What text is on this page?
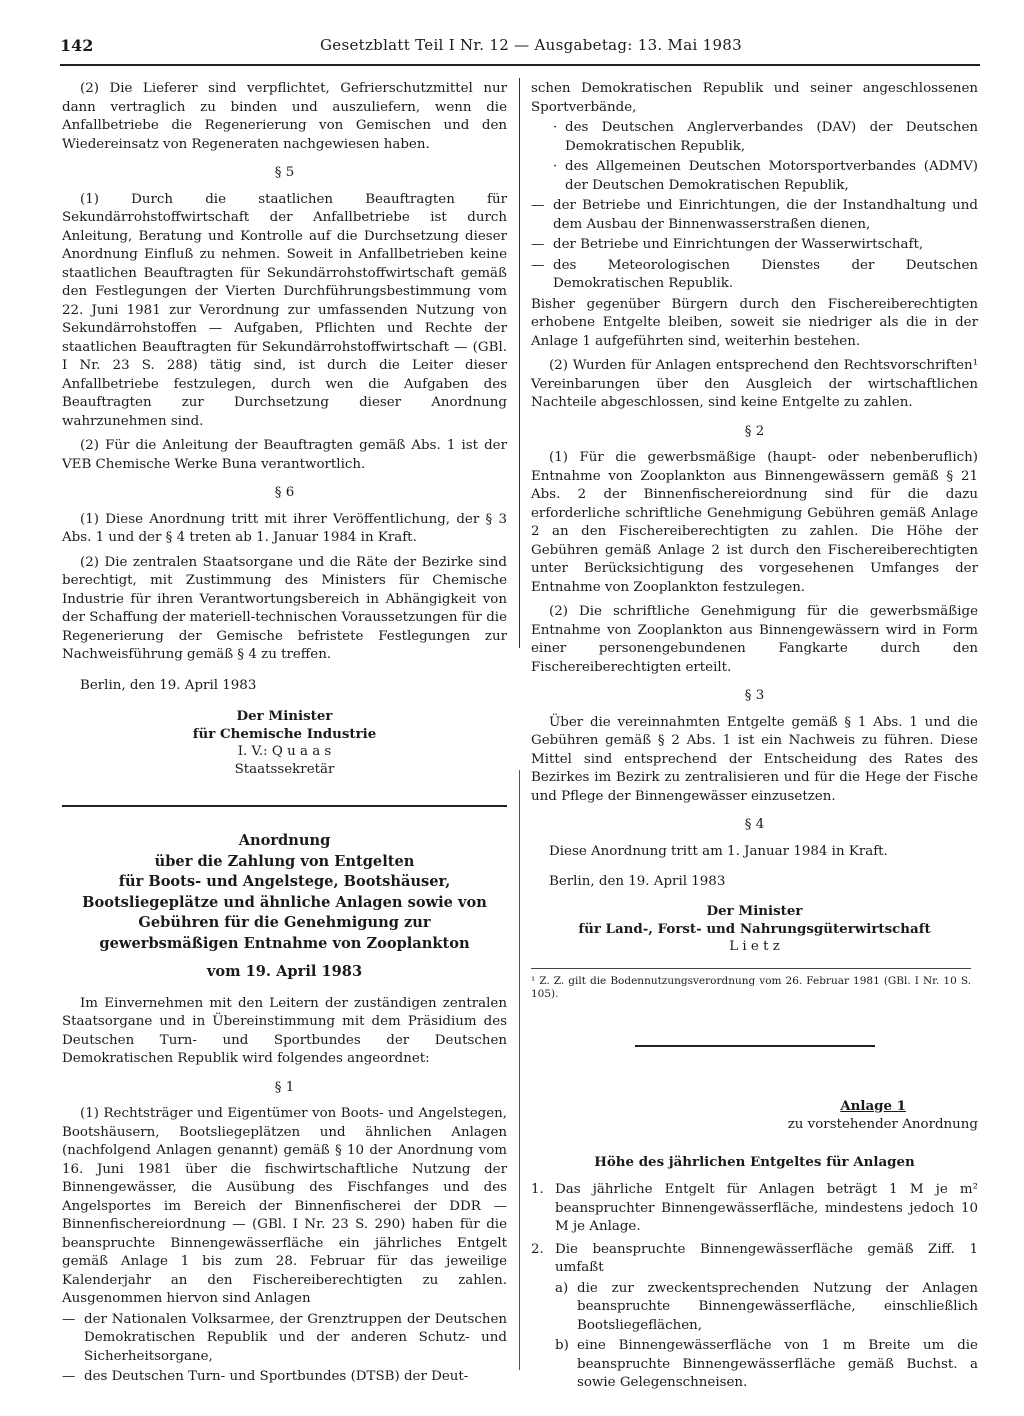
142	Gesetzblatt Teil I Nr. 12 — Ausgabetag: 13. Mai 1983

(2) Die Lieferer sind verpflichtet, Gefrierschutzmittel nur dann vertraglich zu binden und auszuliefern, wenn die Anfallbetriebe die Regenerierung von Gemischen und den Wiedereinsatz von Regeneraten nachgewiesen haben.

§ 5

(1) Durch die staatlichen Beauftragten für Sekundärrohstoffwirtschaft der Anfallbetriebe ist durch Anleitung, Beratung und Kontrolle auf die Durchsetzung dieser Anordnung Einfluß zu nehmen. Soweit in Anfallbetrieben keine staatlichen Beauftragten für Sekundärrohstoffwirtschaft gemäß den Festlegungen der Vierten Durchführungsbestimmung vom 22. Juni 1981 zur Verordnung zur umfassenden Nutzung von Sekundärrohstoffen — Aufgaben, Pflichten und Rechte der staatlichen Beauftragten für Sekundärrohstoffwirtschaft — (GBl. I Nr. 23 S. 288) tätig sind, ist durch die Leiter dieser Anfallbetriebe festzulegen, durch wen die Aufgaben des Beauftragten zur Durchsetzung dieser Anordnung wahrzunehmen sind.

(2) Für die Anleitung der Beauftragten gemäß Abs. 1 ist der VEB Chemische Werke Buna verantwortlich.

§ 6

(1) Diese Anordnung tritt mit ihrer Veröffentlichung, der § 3 Abs. 1 und der § 4 treten ab 1. Januar 1984 in Kraft.

(2) Die zentralen Staatsorgane und die Räte der Bezirke sind berechtigt, mit Zustimmung des Ministers für Chemische Industrie für ihren Verantwortungsbereich in Abhängigkeit von der Schaffung der materiell-technischen Voraussetzungen für die Regenerierung der Gemische befristete Festlegungen zur Nachweisführung gemäß § 4 zu treffen.

Berlin, den 19. April 1983

Der Minister

für Chemische Industrie

I. V.: Q u a a s

Staatssekretär

Anordnung

über die Zahlung von Entgelten

für Boots- und Angelstege, Bootshäuser,

Bootsliegeplätze und ähnliche Anlagen sowie von

Gebühren für die Genehmigung zur

gewerbsmäßigen Entnahme von Zooplankton

vom 19. April 1983

Im Einvernehmen mit den Leitern der zuständigen zentralen Staatsorgane und in Übereinstimmung mit dem Präsidium des Deutschen Turn- und Sportbundes der Deutschen Demokratischen Republik wird folgendes angeordnet:

§ 1

(1) Rechtsträger und Eigentümer von Boots- und Angelstegen, Bootshäusern, Bootsliegeplätzen und ähnlichen Anlagen (nachfolgend Anlagen genannt) gemäß § 10 der Anordnung vom 16. Juni 1981 über die fischwirtschaftliche Nutzung der Binnengewässer, die Ausübung des Fischfanges und des Angelsportes im Bereich der Binnenfischerei der DDR — Binnenfischereiordnung — (GBl. I Nr. 23 S. 290) haben für die beanspruchte Binnengewässerfläche ein jährliches Entgelt gemäß Anlage 1 bis zum 28. Februar für das jeweilige Kalenderjahr an den Fischereiberechtigten zu zahlen. Ausgenommen hiervon sind Anlagen

— der Nationalen Volksarmee, der Grenztruppen der Deutschen Demokratischen Republik und der anderen Schutz- und Sicherheitsorgane,
— des Deutschen Turn- und Sportbundes (DTSB) der Deut-

schen Demokratischen Republik und seiner angeschlossenen Sportverbände,

· des Deutschen Anglerverbandes (DAV) der Deutschen Demokratischen Republik,
· des Allgemeinen Deutschen Motorsportverbandes (ADMV) der Deutschen Demokratischen Republik,
— der Betriebe und Einrichtungen, die der Instandhaltung und dem Ausbau der Binnenwasserstraßen dienen,
— der Betriebe und Einrichtungen der Wasserwirtschaft,
— des Meteorologischen Dienstes der Deutschen Demokratischen Republik.

Bisher gegenüber Bürgern durch den Fischereiberechtigten erhobene Entgelte bleiben, soweit sie niedriger als die in der Anlage 1 aufgeführten sind, weiterhin bestehen.

(2) Wurden für Anlagen entsprechend den Rechtsvorschriften¹ Vereinbarungen über den Ausgleich der wirtschaftlichen Nachteile abgeschlossen, sind keine Entgelte zu zahlen.

§ 2

(1) Für die gewerbsmäßige (haupt- oder nebenberuflich) Entnahme von Zooplankton aus Binnengewässern gemäß § 21 Abs. 2 der Binnenfischereiordnung sind für die dazu erforderliche schriftliche Genehmigung Gebühren gemäß Anlage 2 an den Fischereiberechtigten zu zahlen. Die Höhe der Gebühren gemäß Anlage 2 ist durch den Fischereiberechtigten unter Berücksichtigung des vorgesehenen Umfanges der Entnahme von Zooplankton festzulegen.

(2) Die schriftliche Genehmigung für die gewerbsmäßige Entnahme von Zooplankton aus Binnengewässern wird in Form einer personengebundenen Fangkarte durch den Fischereiberechtigten erteilt.

§ 3

Über die vereinnahmten Entgelte gemäß § 1 Abs. 1 und die Gebühren gemäß § 2 Abs. 1 ist ein Nachweis zu führen. Diese Mittel sind entsprechend der Entscheidung des Rates des Bezirkes im Bezirk zu zentralisieren und für die Hege der Fische und Pflege der Binnengewässer einzusetzen.

§ 4

Diese Anordnung tritt am 1. Januar 1984 in Kraft.

Berlin, den 19. April 1983

Der Minister

für Land-, Forst- und Nahrungsgüterwirtschaft

L i e t z

¹ Z. Z. gilt die Bodennutzungsverordnung vom 26. Februar 1981 (GBl. I Nr. 10 S. 105).

Anlage 1

zu vorstehender Anordnung

Höhe des jährlichen Entgeltes für Anlagen

1. Das jährliche Entgelt für Anlagen beträgt 1 M je m² beanspruchter Binnengewässerfläche, mindestens jedoch 10 M je Anlage.
2. Die beanspruchte Binnengewässerfläche gemäß Ziff. 1 umfaßt
a) die zur zweckentsprechenden Nutzung der Anlagen beanspruchte Binnengewässerfläche, einschließlich Bootsliegeflächen,
b) eine Binnengewässerfläche von 1 m Breite um die beanspruchte Binnengewässerfläche gemäß Buchst. a sowie Gelegenschneisen.
